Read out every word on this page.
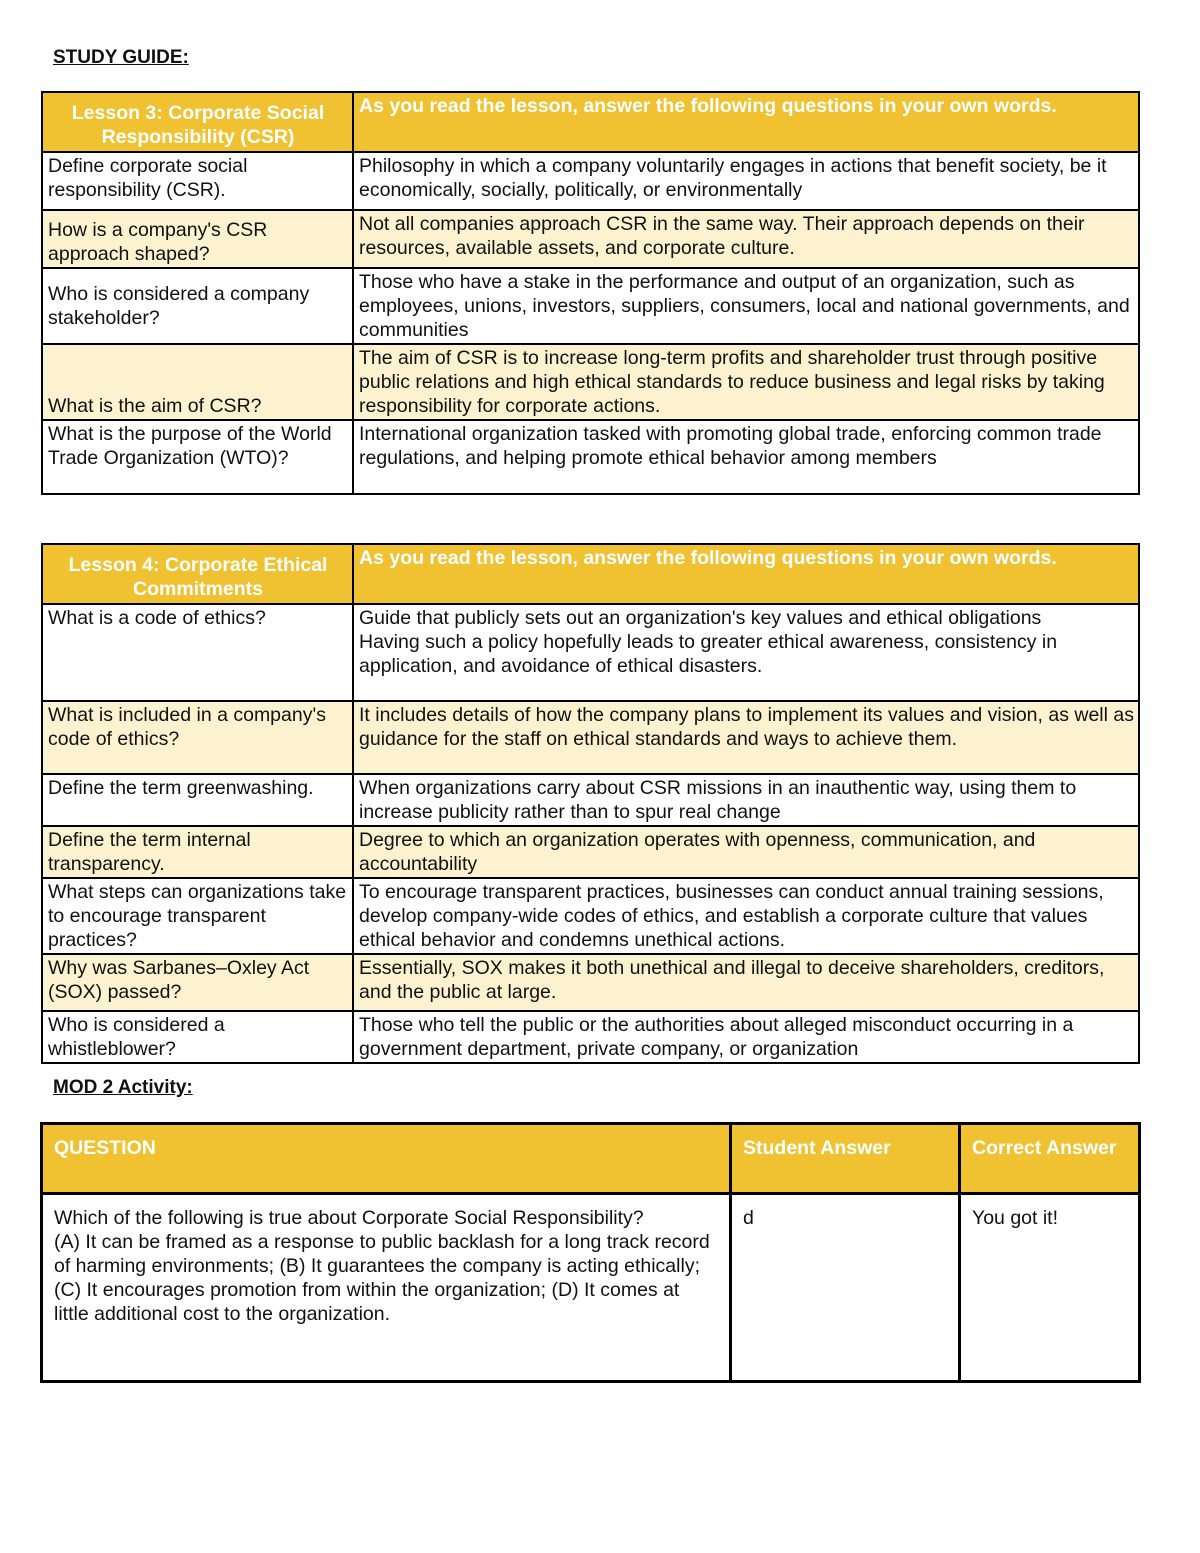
STUDY GUIDE:
Lesson 3: Corporate Social Responsibility (CSR)	As you read the lesson, answer the following questions in your own words.
Define corporate social responsibility (CSR).	Philosophy in which a company voluntarily engages in actions that benefit society, be it economically, socially, politically, or environmentally
How is a company's CSR approach shaped?	Not all companies approach CSR in the same way. Their approach depends on their resources, available assets, and corporate culture.
Who is considered a company stakeholder?	Those who have a stake in the performance and output of an organization, such as employees, unions, investors, suppliers, consumers, local and national governments, and communities
What is the aim of CSR?	The aim of CSR is to increase long-term profits and shareholder trust through positive public relations and high ethical standards to reduce business and legal risks by taking responsibility for corporate actions.
What is the purpose of the World Trade Organization (WTO)?	International organization tasked with promoting global trade, enforcing common trade regulations, and helping promote ethical behavior among members
Lesson 4: Corporate Ethical Commitments	As you read the lesson, answer the following questions in your own words.
What is a code of ethics?	Guide that publicly sets out an organization's key values and ethical obligations
Having such a policy hopefully leads to greater ethical awareness, consistency in application, and avoidance of ethical disasters.
What is included in a company's code of ethics?	It includes details of how the company plans to implement its values and vision, as well as guidance for the staff on ethical standards and ways to achieve them.
Define the term greenwashing.	When organizations carry about CSR missions in an inauthentic way, using them to increase publicity rather than to spur real change
Define the term internal transparency.	Degree to which an organization operates with openness, communication, and accountability
What steps can organizations take to encourage transparent practices?	To encourage transparent practices, businesses can conduct annual training sessions, develop company-wide codes of ethics, and establish a corporate culture that values ethical behavior and condemns unethical actions.
Why was Sarbanes–Oxley Act (SOX) passed?	Essentially, SOX makes it both unethical and illegal to deceive shareholders, creditors, and the public at large.
Who is considered a whistleblower?	Those who tell the public or the authorities about alleged misconduct occurring in a government department, private company, or organization
MOD 2 Activity:
QUESTION	Student Answer	Correct Answer
Which of the following is true about Corporate Social Responsibility?
(A) It can be framed as a response to public backlash for a long track record of harming environments; (B) It guarantees the company is acting ethically; (C) It encourages promotion from within the organization; (D) It comes at little additional cost to the organization.	d	You got it!
